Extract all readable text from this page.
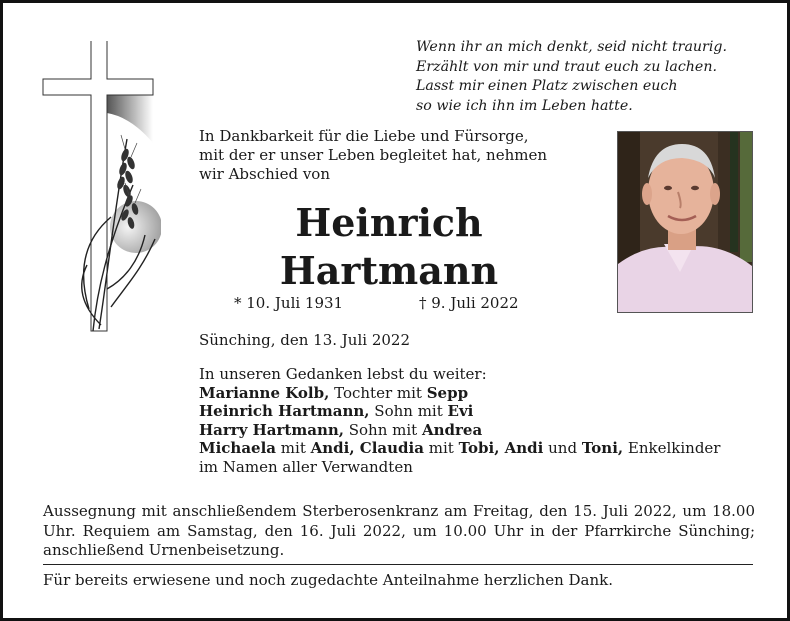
Wenn ihr an mich denkt, seid nicht traurig.
Erzählt von mir und traut euch zu lachen.
Lasst mir einen Platz zwischen euch
so wie ich ihn im Leben hatte.
In Dankbarkeit für die Liebe und Fürsorge,
mit der er unser Leben begleitet hat, nehmen
wir Abschied von
Heinrich
Hartmann
* 10. Juli 1931	† 9. Juli 2022
Sünching, den 13. Juli 2022
In unseren Gedanken lebst du weiter:
Marianne Kolb, Tochter mit Sepp
Heinrich Hartmann, Sohn mit Evi
Harry Hartmann, Sohn mit Andrea
Michaela mit Andi, Claudia mit Tobi, Andi und Toni, Enkelkinder
im Namen aller Verwandten
Aussegnung mit anschließendem Sterberosenkranz am Freitag, den 15. Juli 2022, um 18.00 Uhr. Requiem am Samstag, den 16. Juli 2022, um 10.00 Uhr in der Pfarrkirche Sünching; anschließend Urnenbeisetzung.
Für bereits erwiesene und noch zugedachte Anteilnahme herzlichen Dank.
